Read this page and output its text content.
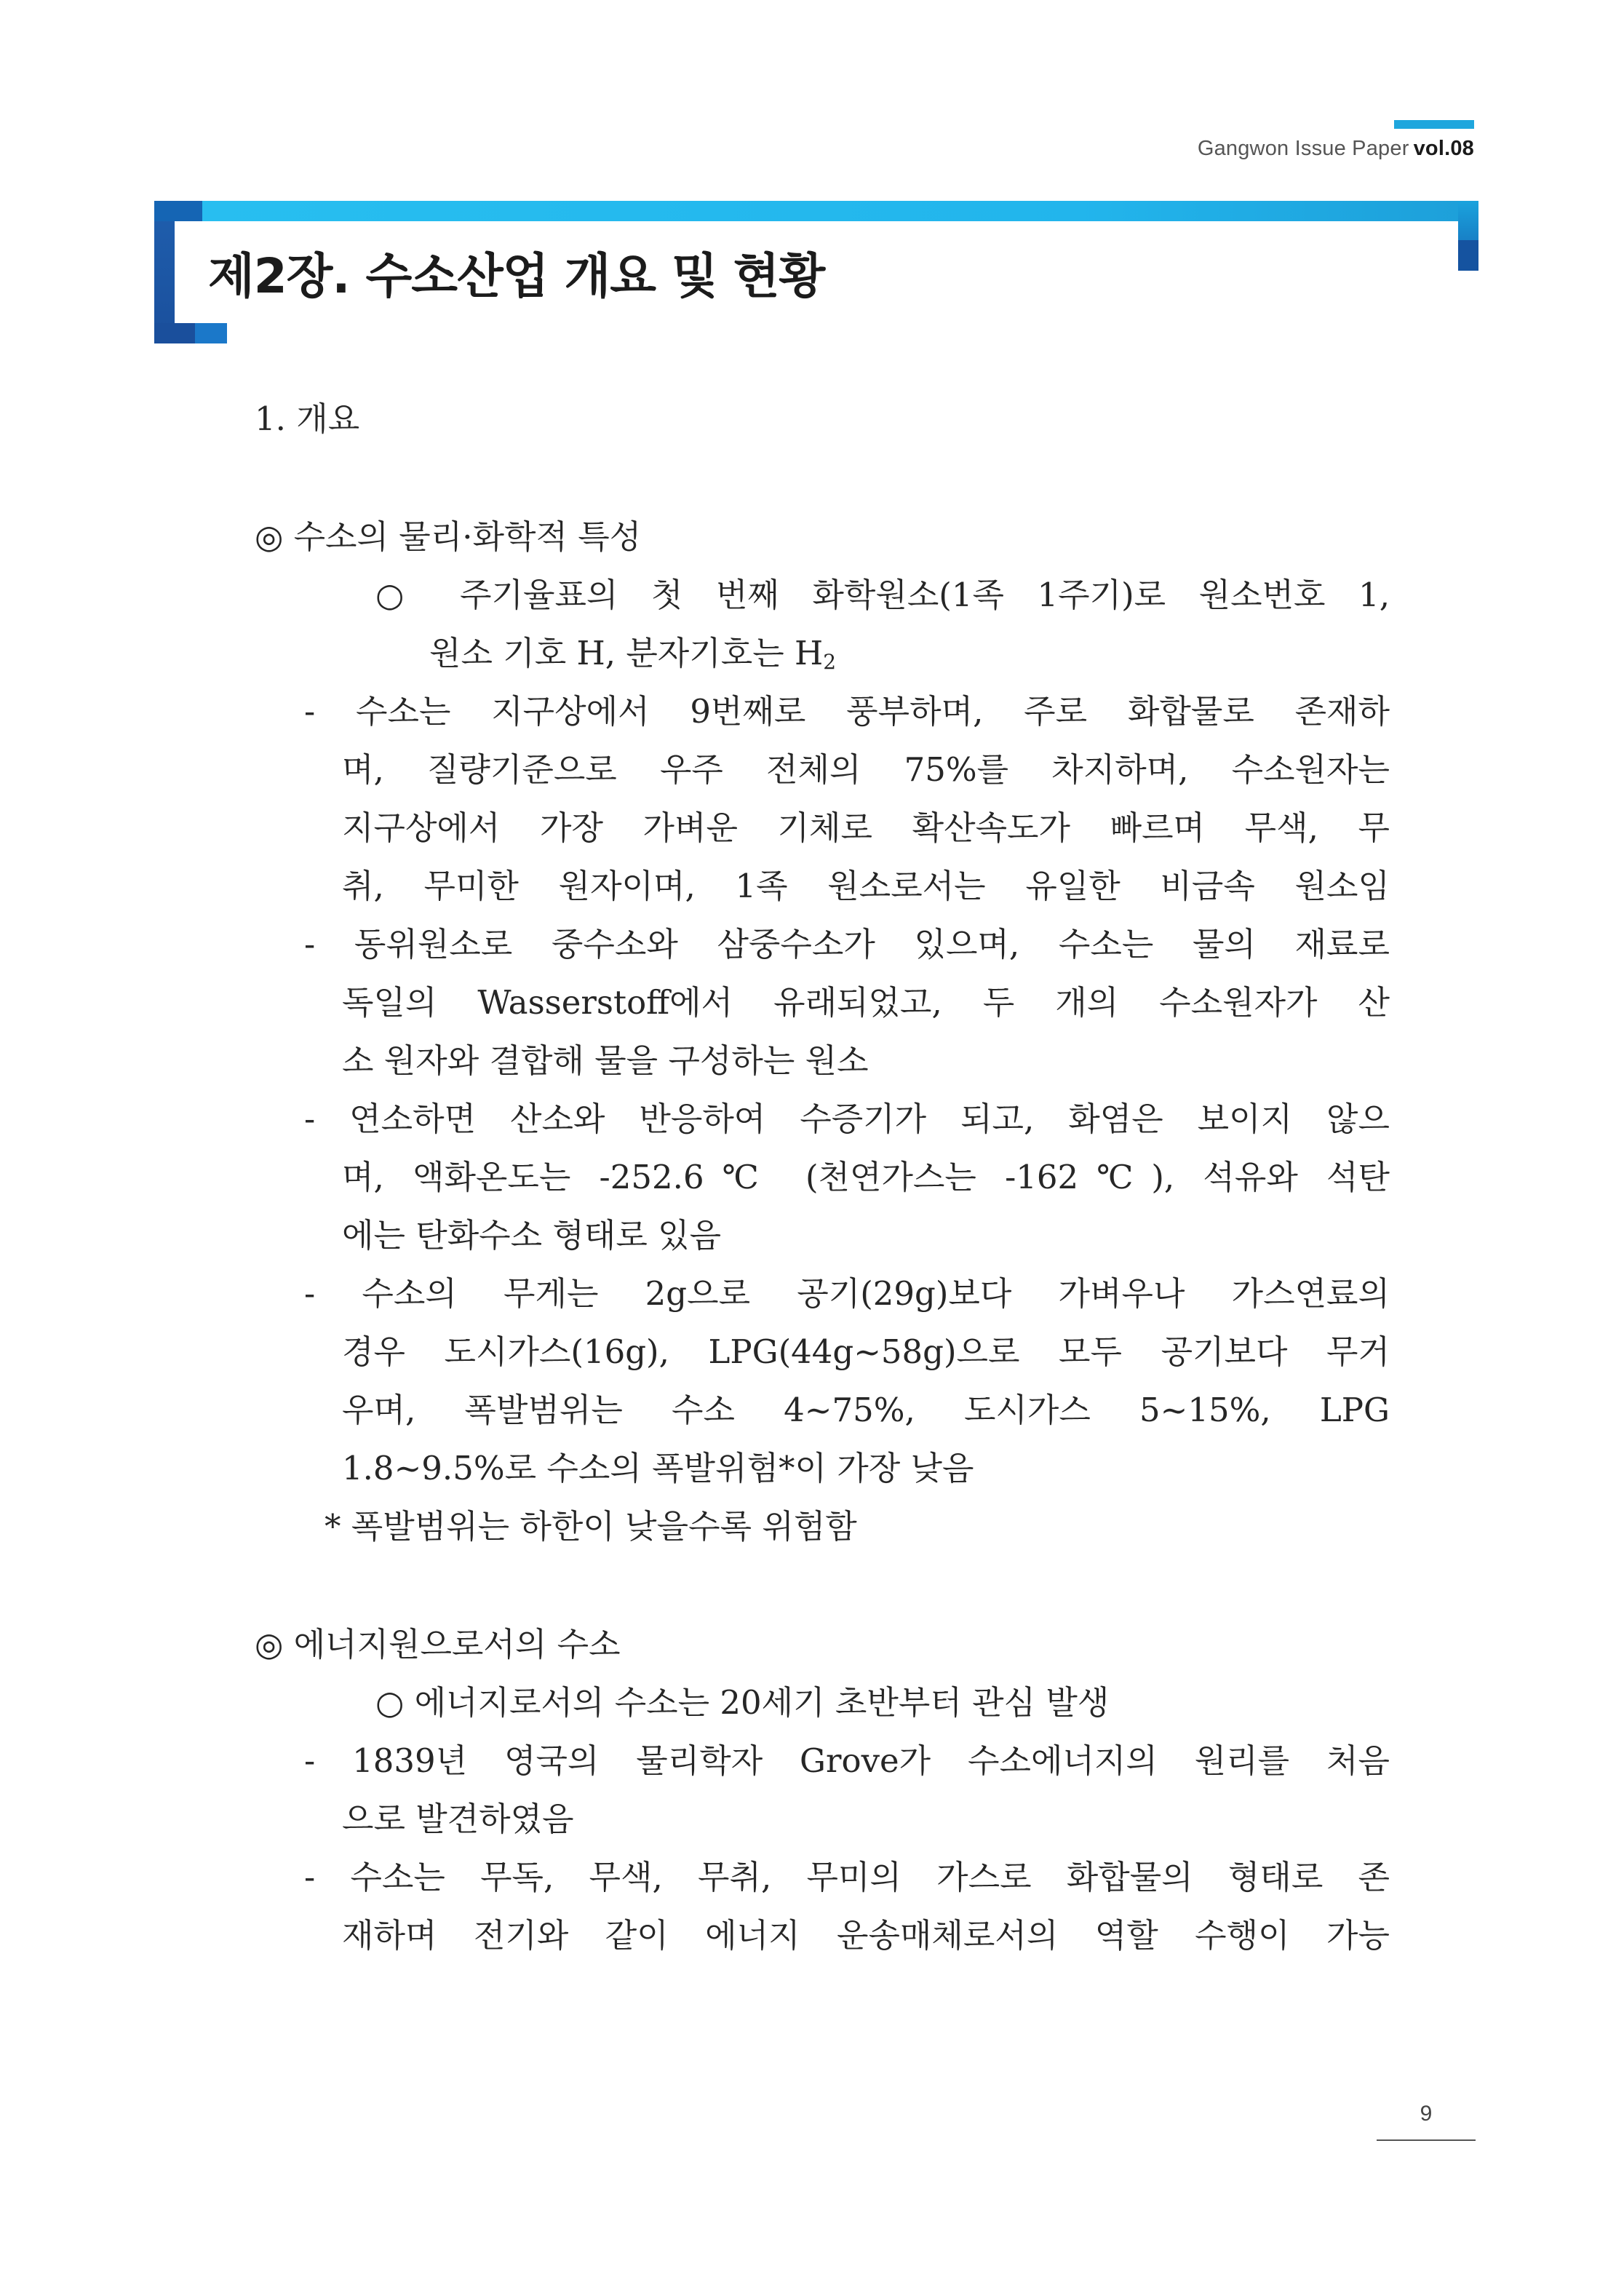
Gangwon Issue Paper vol.08
제2장. 수소산업 개요 및 현황
1. 개요
◎ 수소의 물리·화학적 특성
○ 주기율표의 첫 번째 화학원소(1족 1주기)로 원소번호 1,
원소 기호 H, 분자기호는 $H_2$
- 수소는 지구상에서 9번째로 풍부하며, 주로 화합물로 존재하
며, 질량기준으로 우주 전체의 75%를 차지하며, 수소원자는
지구상에서 가장 가벼운 기체로 확산속도가 빠르며 무색, 무
취, 무미한 원자이며, 1족 원소로서는 유일한 비금속 원소임
- 동위원소로 중수소와 삼중수소가 있으며, 수소는 물의 재료로
독일의 Wasserstoff에서 유래되었고, 두 개의 수소원자가 산
소 원자와 결합해 물을 구성하는 원소
- 연소하면 산소와 반응하여 수증기가 되고, 화염은 보이지 않으
며, 액화온도는 -252.6℃ (천연가스는 -162℃), 석유와 석탄
에는 탄화수소 형태로 있음
- 수소의 무게는 2g으로 공기(29g)보다 가벼우나 가스연료의
경우 도시가스(16g), LPG(44g~58g)으로 모두 공기보다 무거
우며, 폭발범위는 수소 4~75%, 도시가스 5~15%, LPG
1.8~9.5%로 수소의 폭발위험*이 가장 낮음
* 폭발범위는 하한이 낮을수록 위험함
◎ 에너지원으로서의 수소
○ 에너지로서의 수소는 20세기 초반부터 관심 발생
- 1839년 영국의 물리학자 Grove가 수소에너지의 원리를 처음
으로 발견하였음
- 수소는 무독, 무색, 무취, 무미의 가스로 화합물의 형태로 존
재하며 전기와 같이 에너지 운송매체로서의 역할 수행이 가능
9
